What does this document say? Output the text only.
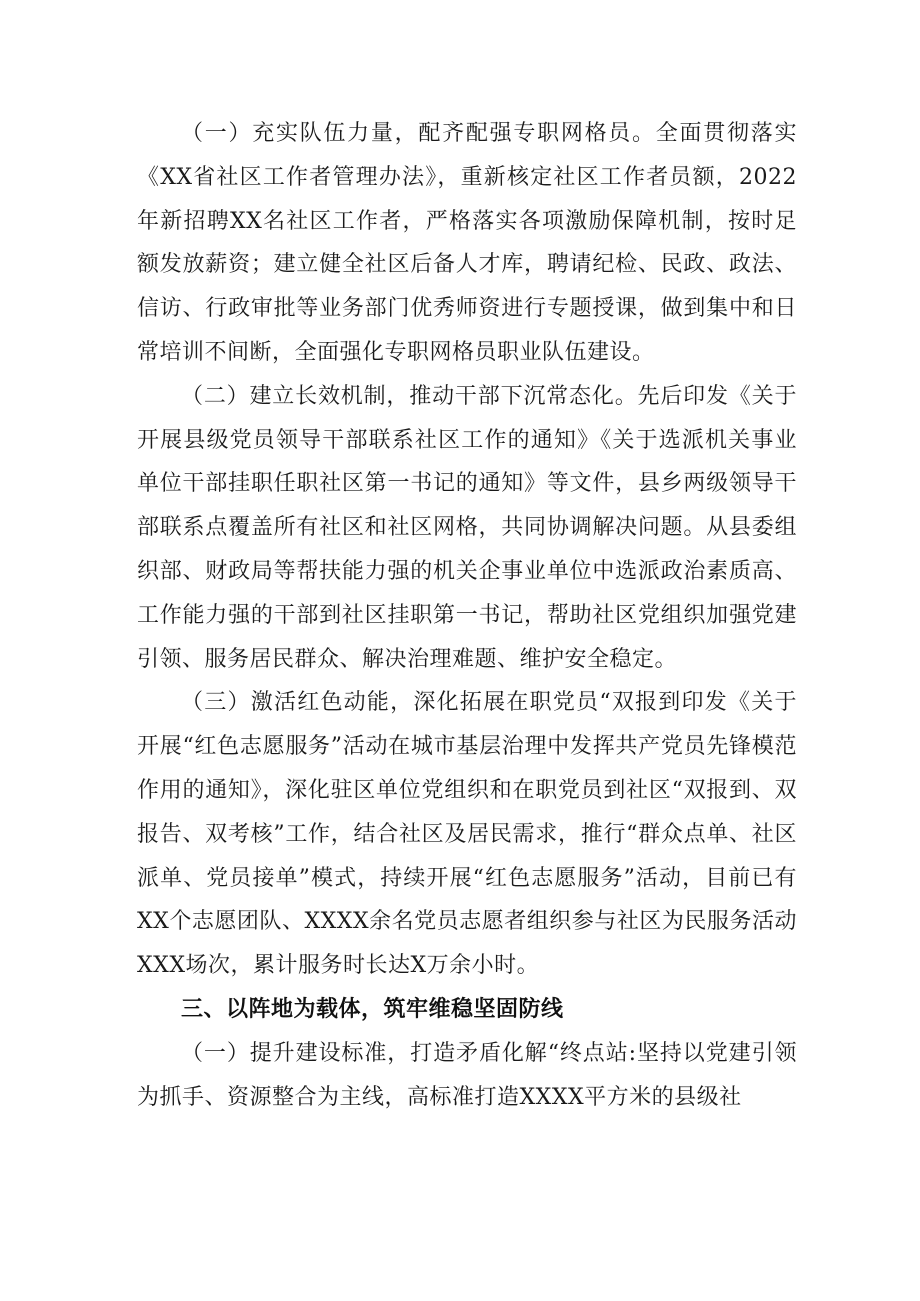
（一）充实队伍力量，配齐配强专职网格员。全面贯彻落实《XX省社区工作者管理办法》，重新核定社区工作者员额，2022年新招聘XX名社区工作者，严格落实各项激励保障机制，按时足额发放薪资；建立健全社区后备人才库，聘请纪检、民政、政法、信访、行政审批等业务部门优秀师资进行专题授课，做到集中和日常培训不间断，全面强化专职网格员职业队伍建设。

（二）建立长效机制，推动干部下沉常态化。先后印发《关于开展县级党员领导干部联系社区工作的通知》《关于选派机关事业单位干部挂职任职社区第一书记的通知》等文件，县乡两级领导干部联系点覆盖所有社区和社区网格，共同协调解决问题。从县委组织部、财政局等帮扶能力强的机关企事业单位中选派政治素质高、工作能力强的干部到社区挂职第一书记，帮助社区党组织加强党建引领、服务居民群众、解决治理难题、维护安全稳定。

（三）激活红色动能，深化拓展在职党员“双报到印发《关于开展“红色志愿服务”活动在城市基层治理中发挥共产党员先锋模范作用的通知》，深化驻区单位党组织和在职党员到社区“双报到、双报告、双考核”工作，结合社区及居民需求，推行“群众点单、社区派单、党员接单”模式，持续开展“红色志愿服务”活动，目前已有XX个志愿团队、XXXX余名党员志愿者组织参与社区为民服务活动XXX场次，累计服务时长达X万余小时。

三、以阵地为载体，筑牢维稳坚固防线

（一）提升建设标准，打造矛盾化解“终点站:坚持以党建引领为抓手、资源整合为主线，高标准打造XXXX平方米的县级社
